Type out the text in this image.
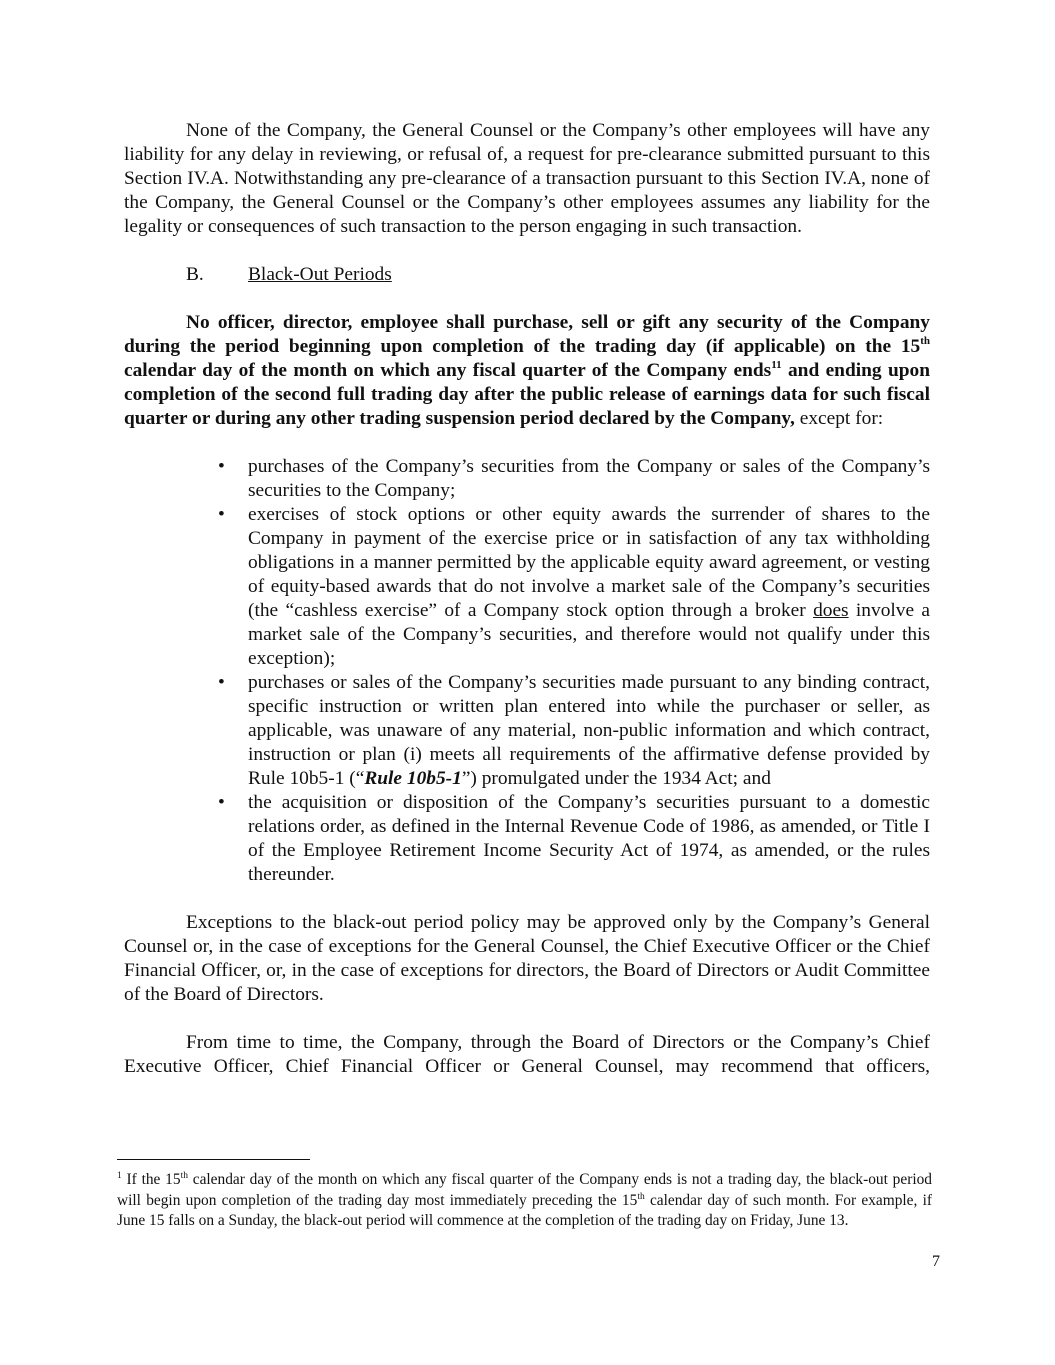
None of the Company, the General Counsel or the Company’s other employees will have any liability for any delay in reviewing, or refusal of, a request for pre-clearance submitted pursuant to this Section IV.A. Notwithstanding any pre-clearance of a transaction pursuant to this Section IV.A, none of the Company, the General Counsel or the Company’s other employees assumes any liability for the legality or consequences of such transaction to the person engaging in such transaction.

B. Black-Out Periods

No officer, director, employee shall purchase, sell or gift any security of the Company during the period beginning upon completion of the trading day (if applicable) on the 15th calendar day of the month on which any fiscal quarter of the Company ends$^{11}$ and ending upon completion of the second full trading day after the public release of earnings data for such fiscal quarter or during any other trading suspension period declared by the Company, except for:

• purchases of the Company’s securities from the Company or sales of the Company’s securities to the Company;
• exercises of stock options or other equity awards the surrender of shares to the Company in payment of the exercise price or in satisfaction of any tax withholding obligations in a manner permitted by the applicable equity award agreement, or vesting of equity-based awards that do not involve a market sale of the Company’s securities (the “cashless exercise” of a Company stock option through a broker does involve a market sale of the Company’s securities, and therefore would not qualify under this exception);
• purchases or sales of the Company’s securities made pursuant to any binding contract, specific instruction or written plan entered into while the purchaser or seller, as applicable, was unaware of any material, non-public information and which contract, instruction or plan (i) meets all requirements of the affirmative defense provided by Rule 10b5-1 (“Rule 10b5-1”) promulgated under the 1934 Act; and
• the acquisition or disposition of the Company’s securities pursuant to a domestic relations order, as defined in the Internal Revenue Code of 1986, as amended, or Title I of the Employee Retirement Income Security Act of 1974, as amended, or the rules thereunder.

Exceptions to the black-out period policy may be approved only by the Company’s General Counsel or, in the case of exceptions for the General Counsel, the Chief Executive Officer or the Chief Financial Officer, or, in the case of exceptions for directors, the Board of Directors or Audit Committee of the Board of Directors.

From time to time, the Company, through the Board of Directors or the Company’s Chief Executive Officer, Chief Financial Officer or General Counsel, may recommend that officers,

$^1$ If the 15th calendar day of the month on which any fiscal quarter of the Company ends is not a trading day, the black-out period will begin upon completion of the trading day most immediately preceding the 15th calendar day of such month. For example, if June 15 falls on a Sunday, the black-out period will commence at the completion of the trading day on Friday, June 13.

7
